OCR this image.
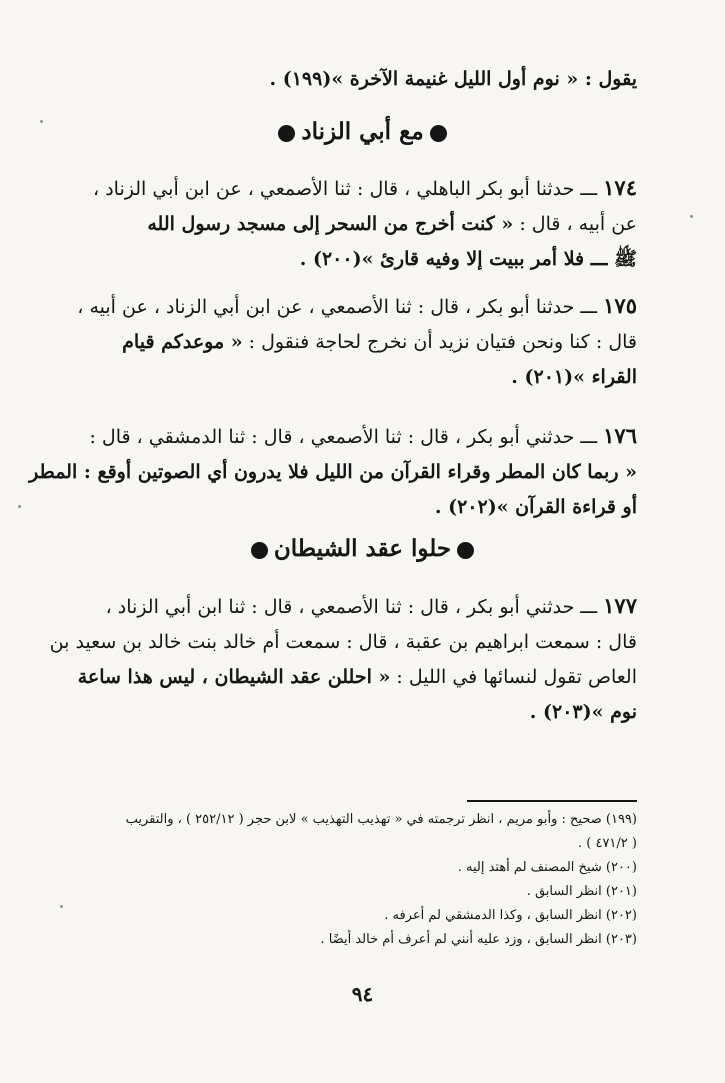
يقول : « نوم أول الليل غنيمة الآخرة »(١٩٩) .
مع أبي الزناد
١٧٤ ـــ حدثنا أبو بكر الباهلي ، قال : ثنا الأصمعي ، عن ابن أبي الزناد ،
عن أبيه ، قال : « كنت أخرج من السحر إلى مسجد رسول الله
ﷺ ـــ فلا أمر ببيت إلا وفيه قارئ »(٢٠٠) .
١٧٥ ـــ حدثنا أبو بكر ، قال : ثنا الأصمعي ، عن ابن أبي الزناد ، عن أبيه ،
قال : كنا ونحن فتيان نزيد أن نخرج لحاجة فنقول : « موعدكم قيام
القراء »(٢٠١) .
١٧٦ ـــ حدثني أبو بكر ، قال : ثنا الأصمعي ، قال : ثنا الدمشقي ، قال :
« ربما كان المطر وقراء القرآن من الليل فلا يدرون أي الصوتين أوقع : المطر
أو قراءة القرآن »(٢٠٢) .
حلوا عقد الشيطان
١٧٧ ـــ حدثني أبو بكر ، قال : ثنا الأصمعي ، قال : ثنا ابن أبي الزناد ،
قال : سمعت ابراهيم بن عقبة ، قال : سمعت أم خالد بنت خالد بن سعيد بن
العاص تقول لنسائها في الليل : « احللن عقد الشيطان ، ليس هذا ساعة
نوم »(٢٠٣) .
(١٩٩) صحيح : وأبو مريم ، انظر ترجمته في « تهذيب التهذيب » لابن حجر ( ٢٥٢/١٢ ) ، والتقريب
( ٤٧١/٢ ) .
(٢٠٠) شيخ المصنف لم أهتد إليه .
(٢٠١) انظر السابق .
(٢٠٢) انظر السابق ، وكذا الدمشقي لم أعرفه .
(٢٠٣) انظر السابق ، وزد عليه أنني لم أعرف أم خالد أيضًا .
٩٤
